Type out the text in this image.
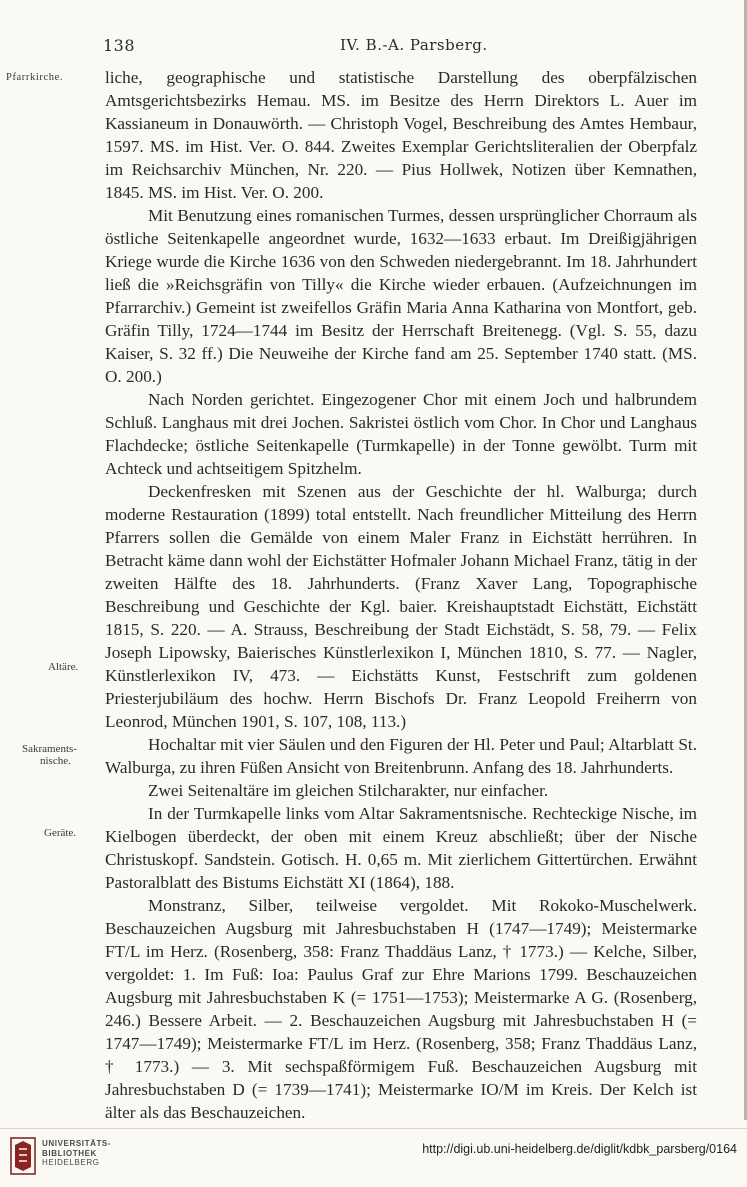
138	IV. B.-A. Parsberg.
Pfarrkirche.
Altäre.
Sakraments-
nische.
Geräte.

liche, geographische und statistische Darstellung des oberpfälzischen Amtsgerichtsbezirks Hemau. MS. im Besitze des Herrn Direktors L. Auer im Kassianeum in Donauwörth. — Christoph Vogel, Beschreibung des Amtes Hembaur, 1597. MS. im Hist. Ver. O. 844. Zweites Exemplar Gerichtsliteralien der Oberpfalz im Reichsarchiv München, Nr. 220. — Pius Hollwek, Notizen über Kemnathen, 1845. MS. im Hist. Ver. O. 200.

Mit Benutzung eines romanischen Turmes, dessen ursprünglicher Chorraum als östliche Seitenkapelle angeordnet wurde, 1632—1633 erbaut. Im Dreißigjährigen Kriege wurde die Kirche 1636 von den Schweden niedergebrannt. Im 18. Jahrhundert ließ die »Reichsgräfin von Tilly« die Kirche wieder erbauen. (Aufzeichnungen im Pfarrarchiv.) Gemeint ist zweifellos Gräfin Maria Anna Katharina von Montfort, geb. Gräfin Tilly, 1724—1744 im Besitz der Herrschaft Breitenegg. (Vgl. S. 55, dazu Kaiser, S. 32 ff.) Die Neuweihe der Kirche fand am 25. September 1740 statt. (MS. O. 200.)

Nach Norden gerichtet. Eingezogener Chor mit einem Joch und halbrundem Schluß. Langhaus mit drei Jochen. Sakristei östlich vom Chor. In Chor und Langhaus Flachdecke; östliche Seitenkapelle (Turmkapelle) in der Tonne gewölbt. Turm mit Achteck und achtseitigem Spitzhelm.

Deckenfresken mit Szenen aus der Geschichte der hl. Walburga; durch moderne Restauration (1899) total entstellt. Nach freundlicher Mitteilung des Herrn Pfarrers sollen die Gemälde von einem Maler Franz in Eichstätt herrühren. In Betracht käme dann wohl der Eichstätter Hofmaler Johann Michael Franz, tätig in der zweiten Hälfte des 18. Jahrhunderts. (Franz Xaver Lang, Topographische Beschreibung und Geschichte der Kgl. baier. Kreishauptstadt Eichstätt, Eichstätt 1815, S. 220. — A. Strauss, Beschreibung der Stadt Eichstädt, S. 58, 79. — Felix Joseph Lipowsky, Baierisches Künstlerlexikon I, München 1810, S. 77. — Nagler, Künstlerlexikon IV, 473. — Eichstätts Kunst, Festschrift zum goldenen Priesterjubiläum des hochw. Herrn Bischofs Dr. Franz Leopold Freiherrn von Leonrod, München 1901, S. 107, 108, 113.)

Hochaltar mit vier Säulen und den Figuren der Hl. Peter und Paul; Altarblatt St. Walburga, zu ihren Füßen Ansicht von Breitenbrunn. Anfang des 18. Jahrhunderts.

Zwei Seitenaltäre im gleichen Stilcharakter, nur einfacher.

In der Turmkapelle links vom Altar Sakramentsnische. Rechteckige Nische, im Kielbogen überdeckt, der oben mit einem Kreuz abschließt; über der Nische Christuskopf. Sandstein. Gotisch. H. 0,65 m. Mit zierlichem Gittertürchen. Erwähnt Pastoralblatt des Bistums Eichstätt XI (1864), 188.

Monstranz, Silber, teilweise vergoldet. Mit Rokoko-Muschelwerk. Beschauzeichen Augsburg mit Jahresbuchstaben H (1747—1749); Meistermarke FT/L im Herz. (Rosenberg, 358: Franz Thaddäus Lanz, † 1773.) — Kelche, Silber, vergoldet: 1. Im Fuß: Ioa: Paulus Graf zur Ehre Marions 1799. Beschauzeichen Augsburg mit Jahresbuchstaben K (= 1751—1753); Meistermarke A G. (Rosenberg, 246.) Bessere Arbeit. — 2. Beschauzeichen Augsburg mit Jahresbuchstaben H (= 1747—1749); Meistermarke FT/L im Herz. (Rosenberg, 358; Franz Thaddäus Lanz, † 1773.) — 3. Mit sechspaßförmigem Fuß. Beschauzeichen Augsburg mit Jahresbuchstaben D (= 1739—1741); Meistermarke IO/M im Kreis. Der Kelch ist älter als das Beschauzeichen.

UNIVERSITÄTS-
BIBLIOTHEK
HEIDELBERG
http://digi.ub.uni-heidelberg.de/diglit/kdbk_parsberg/0164
